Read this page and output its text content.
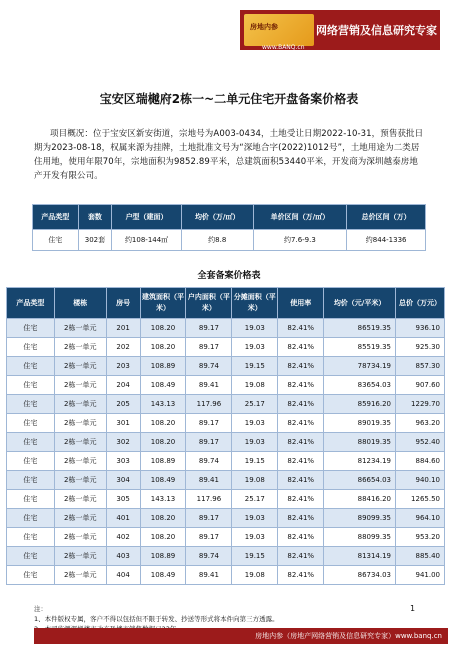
房地内参
www.BANQ.cn
网络营销及信息研究专家
宝安区瑞樾府2栋一~二单元住宅开盘备案价格表
项目概况：位于宝安区新安街道，宗地号为A003-0434，土地受让日期2022-10-31，预售获批日期为2023-08-18，权属来源为挂牌，土地批准文号为“深地合字(2022)1012号”，土地用途为二类居住用地，使用年限70年，宗地面积为9852.89平米，总建筑面积53440平米，开发商为深圳越泰房地产开发有限公司。
产品类型	套数	户型（建面）	均价（万/㎡）	单价区间（万/㎡）	总价区间（万）
住宅	302套	约108-144㎡	约8.8	约7.6-9.3	约844-1336
全套备案价格表
产品类型	楼栋	房号	建筑面积（平米）	户内面积（平米）	分摊面积（平米）	使用率	均价（元/平米）	总价（万元）
住宅	2栋一单元	201	108.20	89.17	19.03	82.41%	86519.35	936.10
住宅	2栋一单元	202	108.20	89.17	19.03	82.41%	85519.35	925.30
住宅	2栋一单元	203	108.89	89.74	19.15	82.41%	78734.19	857.30
住宅	2栋一单元	204	108.49	89.41	19.08	82.41%	83654.03	907.60
住宅	2栋一单元	205	143.13	117.96	25.17	82.41%	85916.20	1229.70
住宅	2栋一单元	301	108.20	89.17	19.03	82.41%	89019.35	963.20
住宅	2栋一单元	302	108.20	89.17	19.03	82.41%	88019.35	952.40
住宅	2栋一单元	303	108.89	89.74	19.15	82.41%	81234.19	884.60
住宅	2栋一单元	304	108.49	89.41	19.08	82.41%	86654.03	940.10
住宅	2栋一单元	305	143.13	117.96	25.17	82.41%	88416.20	1265.50
住宅	2栋一单元	401	108.20	89.17	19.03	82.41%	89099.35	964.10
住宅	2栋一单元	402	108.20	89.17	19.03	82.41%	88099.35	953.20
住宅	2栋一单元	403	108.89	89.74	19.15	82.41%	81314.19	885.40
住宅	2栋一单元	404	108.49	89.41	19.08	82.41%	86734.03	941.00
注：
1、本件版权专属，客户不得以包括但不限于转发、抄送等形式将本件向第三方透露。
1
房地内参（房地产网络营销及信息研究专家）www.banq.cn
